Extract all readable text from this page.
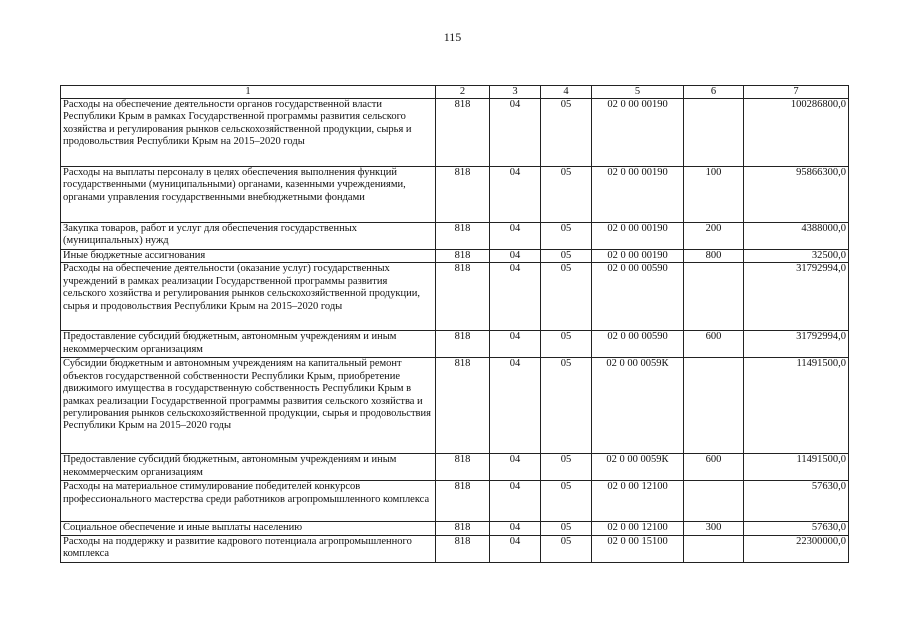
115
1	2	3	4	5	6	7
Расходы на обеспечение деятельности органов государственной власти Республики Крым в рамках Государственной программы развития сельского хозяйства и регулирования рынков сельскохозяйственной продукции, сырья и продовольствия Республики Крым на 2015–2020 годы	818	04	05	02 0 00 00190		100286800,0
Расходы на выплаты персоналу в целях обеспечения выполнения функций государственными (муниципальными) органами, казенными учреждениями, органами управления государственными внебюджетными фондами	818	04	05	02 0 00 00190	100	95866300,0
Закупка товаров, работ и услуг для обеспечения государственных (муниципальных) нужд	818	04	05	02 0 00 00190	200	4388000,0
Иные бюджетные ассигнования	818	04	05	02 0 00 00190	800	32500,0
Расходы на обеспечение деятельности (оказание услуг) государственных учреждений в рамках реализации Государственной программы развития сельского хозяйства и регулирования рынков сельскохозяйственной продукции, сырья и продовольствия Республики Крым на 2015–2020 годы	818	04	05	02 0 00 00590		31792994,0
Предоставление субсидий бюджетным, автономным учреждениям и иным некоммерческим организациям	818	04	05	02 0 00 00590	600	31792994,0
Субсидии бюджетным и автономным учреждениям на капитальный ремонт объектов государственной собственности Республики Крым, приобретение движимого имущества в государственную собственность Республики Крым в рамках реализации Государственной программы развития сельского хозяйства и регулирования рынков сельскохозяйственной продукции, сырья и продовольствия Республики Крым на 2015–2020 годы	818	04	05	02 0 00 0059К		11491500,0
Предоставление субсидий бюджетным, автономным учреждениям и иным некоммерческим организациям	818	04	05	02 0 00 0059К	600	11491500,0
Расходы на материальное стимулирование победителей конкурсов профессионального мастерства среди работников агропромышленного комплекса	818	04	05	02 0 00 12100		57630,0
Социальное обеспечение и иные выплаты населению	818	04	05	02 0 00 12100	300	57630,0
Расходы на поддержку и развитие кадрового потенциала агропромышленного комплекса	818	04	05	02 0 00 15100		22300000,0
